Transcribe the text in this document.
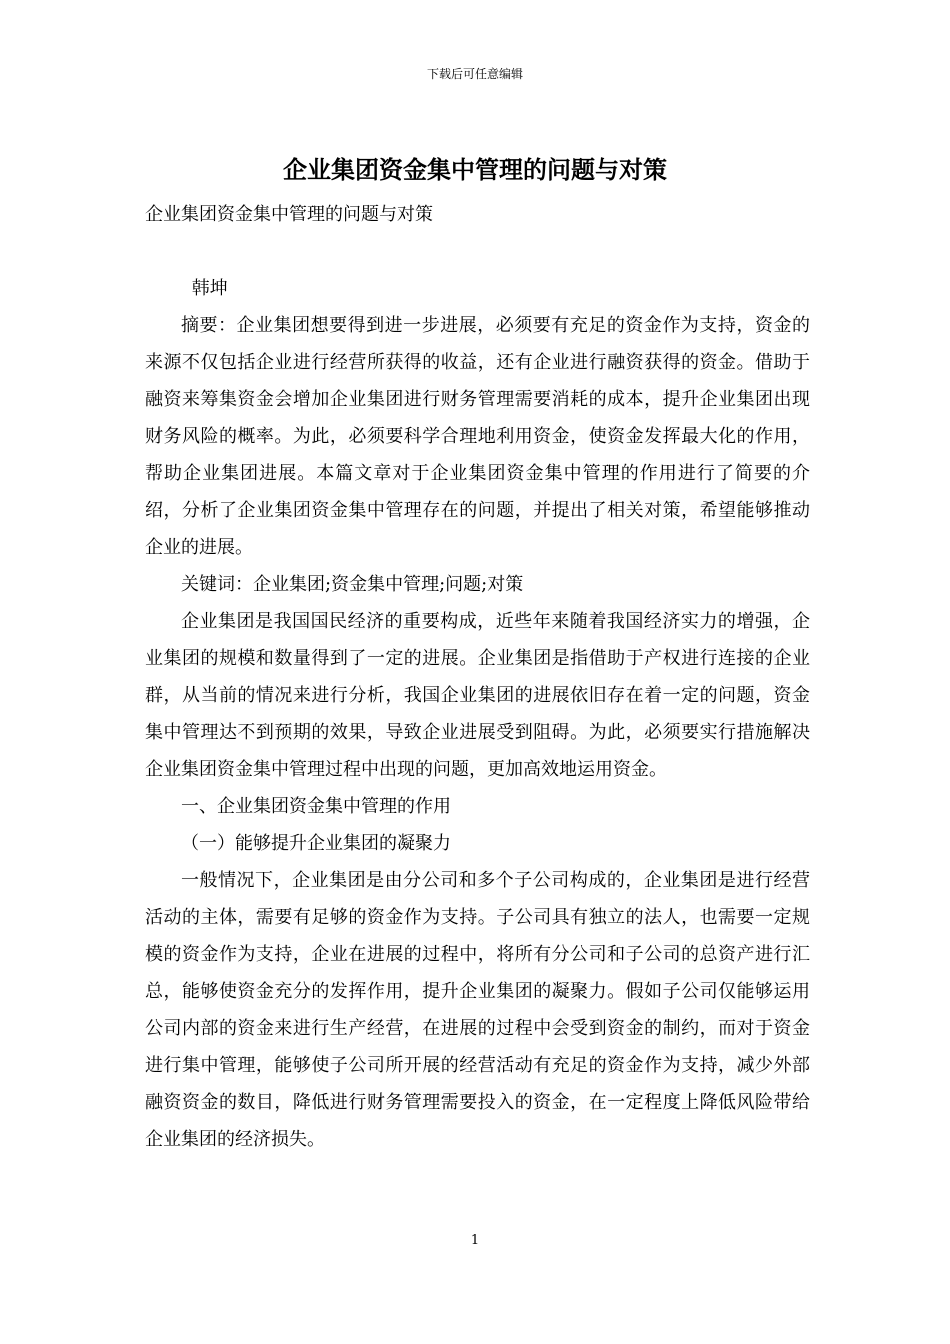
下载后可任意编辑
企业集团资金集中管理的问题与对策

企业集团资金集中管理的问题与对策

韩坤

摘要：企业集团想要得到进一步进展，必须要有充足的资金作为支持，资金的来源不仅包括企业进行经营所获得的收益，还有企业进行融资获得的资金。借助于融资来筹集资金会增加企业集团进行财务管理需要消耗的成本，提升企业集团出现财务风险的概率。为此，必须要科学合理地利用资金，使资金发挥最大化的作用，帮助企业集团进展。本篇文章对于企业集团资金集中管理的作用进行了简要的介绍，分析了企业集团资金集中管理存在的问题，并提出了相关对策，希望能够推动企业的进展。

关键词：企业集团;资金集中管理;问题;对策

企业集团是我国国民经济的重要构成，近些年来随着我国经济实力的增强，企业集团的规模和数量得到了一定的进展。企业集团是指借助于产权进行连接的企业群，从当前的情况来进行分析，我国企业集团的进展依旧存在着一定的问题，资金集中管理达不到预期的效果，导致企业进展受到阻碍。为此，必须要实行措施解决企业集团资金集中管理过程中出现的问题，更加高效地运用资金。

一、企业集团资金集中管理的作用

（一）能够提升企业集团的凝聚力

一般情况下，企业集团是由分公司和多个子公司构成的，企业集团是进行经营活动的主体，需要有足够的资金作为支持。子公司具有独立的法人，也需要一定规模的资金作为支持，企业在进展的过程中，将所有分公司和子公司的总资产进行汇总，能够使资金充分的发挥作用，提升企业集团的凝聚力。假如子公司仅能够运用公司内部的资金来进行生产经营，在进展的过程中会受到资金的制约，而对于资金进行集中管理，能够使子公司所开展的经营活动有充足的资金作为支持，减少外部融资资金的数目，降低进行财务管理需要投入的资金，在一定程度上降低风险带给企业集团的经济损失。

1
